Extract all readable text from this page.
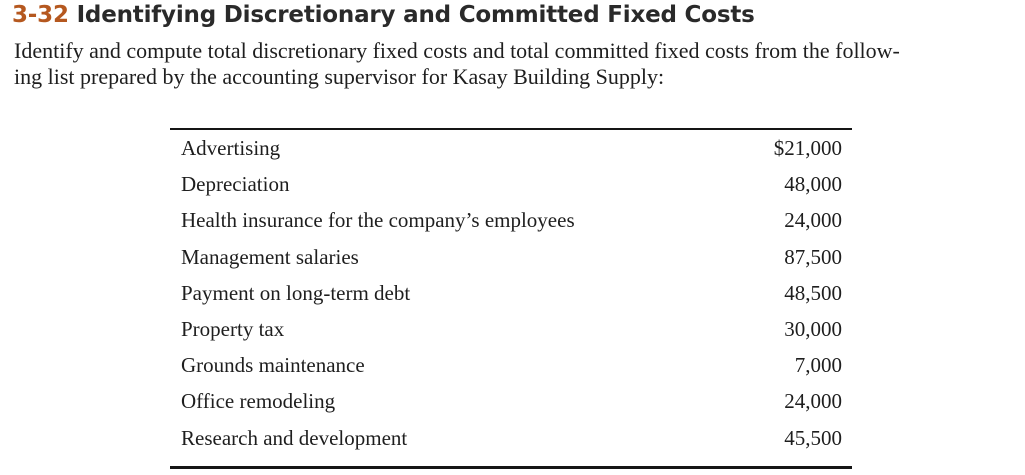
3-32 Identifying Discretionary and Committed Fixed Costs
Identify and compute total discretionary fixed costs and total committed fixed costs from the follow-
ing list prepared by the accounting supervisor for Kasay Building Supply:
Advertising	$21,000
Depreciation	48,000
Health insurance for the company’s employees	24,000
Management salaries	87,500
Payment on long-term debt	48,500
Property tax	30,000
Grounds maintenance	7,000
Office remodeling	24,000
Research and development	45,500
